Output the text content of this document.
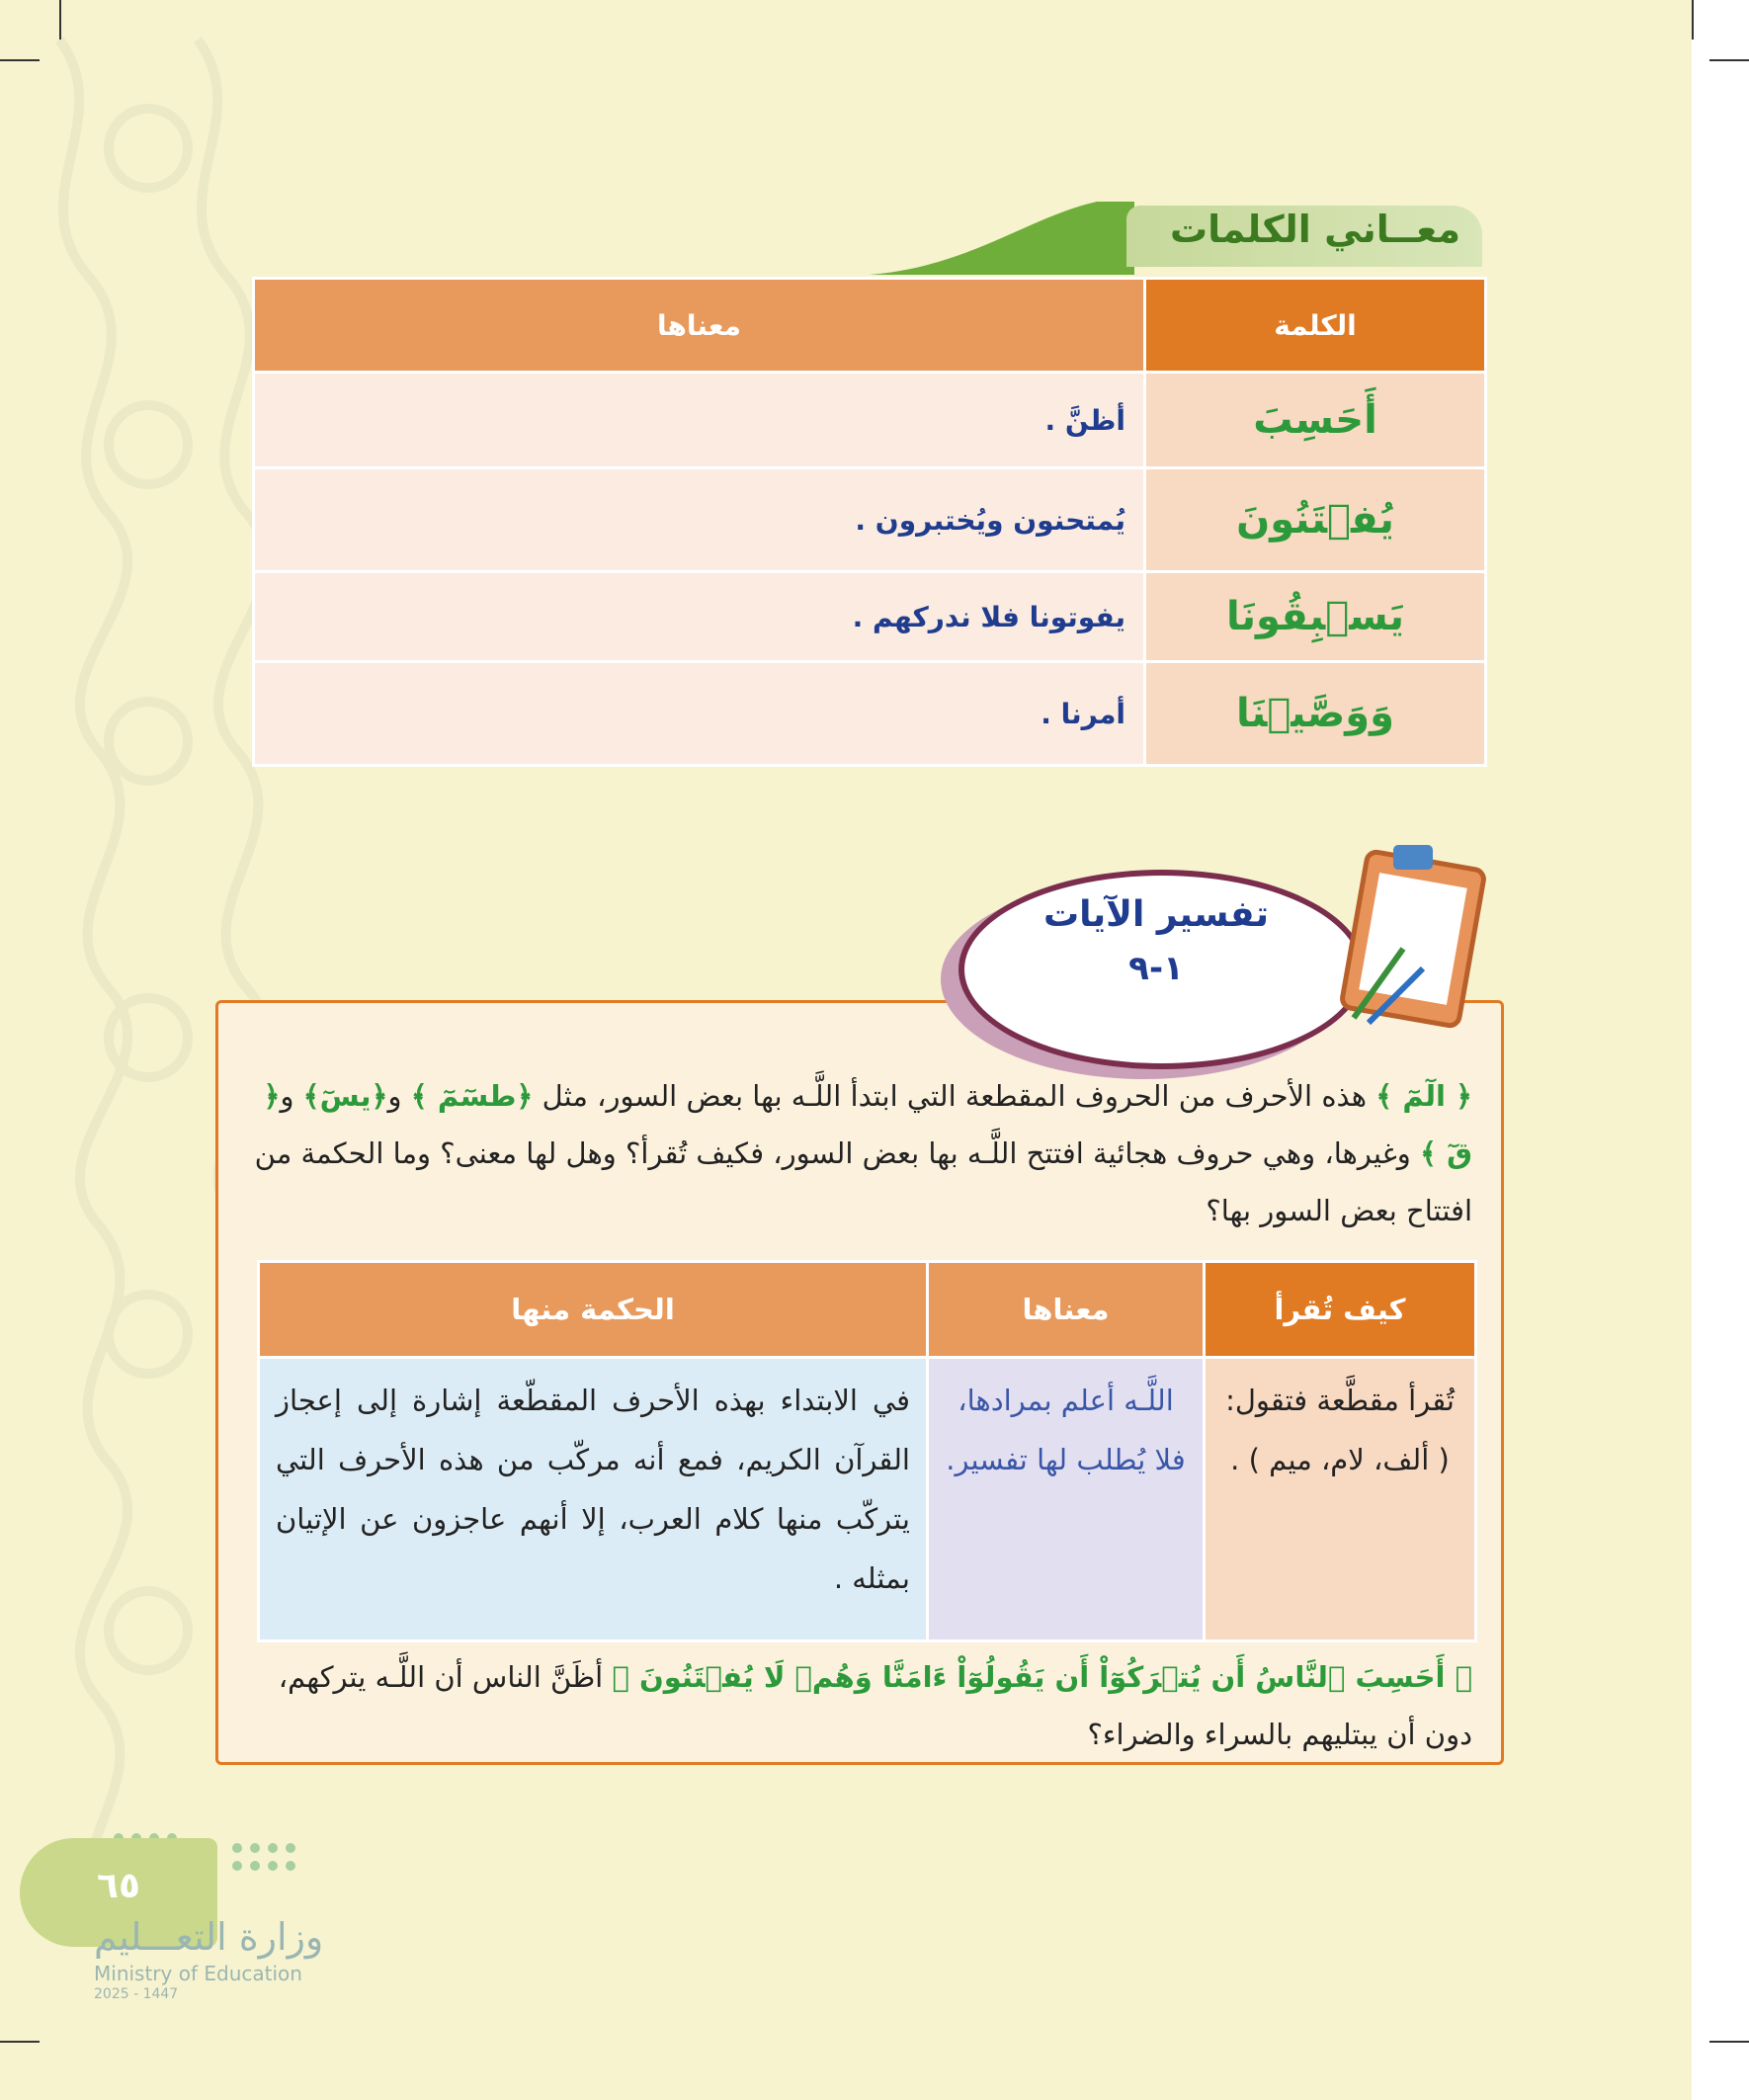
معــاني الكلمات
الكلمة	معناها
أَحَسِبَ	أظنَّ .
يُفۡتَنُونَ	يُمتحنون ويُختبرون .
يَسۡبِقُونَا	يفوتونا فلا ندركهم .
وَوَصَّيۡنَا	أمرنا .
تفسير الآيات
١-٩
﴿ الٓمٓ ﴾ هذه الأحرف من الحروف المقطعة التي ابتدأ اللَّـه بها بعض السور، مثل ﴿طسٓمٓ ﴾ و﴿يسٓ﴾ و﴿ قٓ ﴾ وغيرها، وهي حروف هجائية افتتح اللَّـه بها بعض السور، فكيف تُقرأ؟ وهل لها معنى؟ وما الحكمة من افتتاح بعض السور بها؟
كيف تُقرأ	معناها	الحكمة منها
تُقرأ مقطَّعة فتقول: ( ألف، لام، ميم ) .	اللَّـه أعلم بمرادها، فلا يُطلب لها تفسير.	في الابتداء بهذه الأحرف المقطّعة إشارة إلى إعجاز القرآن الكريم، فمع أنه مركّب من هذه الأحرف التي يتركّب منها كلام العرب، إلا أنهم عاجزون عن الإتيان بمثله .
﴿ أَحَسِبَ ٱلنَّاسُ أَن يُتۡرَكُوٓاْ أَن يَقُولُوٓاْ ءَامَنَّا وَهُمۡ لَا يُفۡتَنُونَ ﴾ أظَنَّ الناس أن اللَّـه يتركهم، دون أن يبتليهم بالسراء والضراء؟
٦٥
وزارة التعـــليم
Ministry of Education
2025 - 1447
